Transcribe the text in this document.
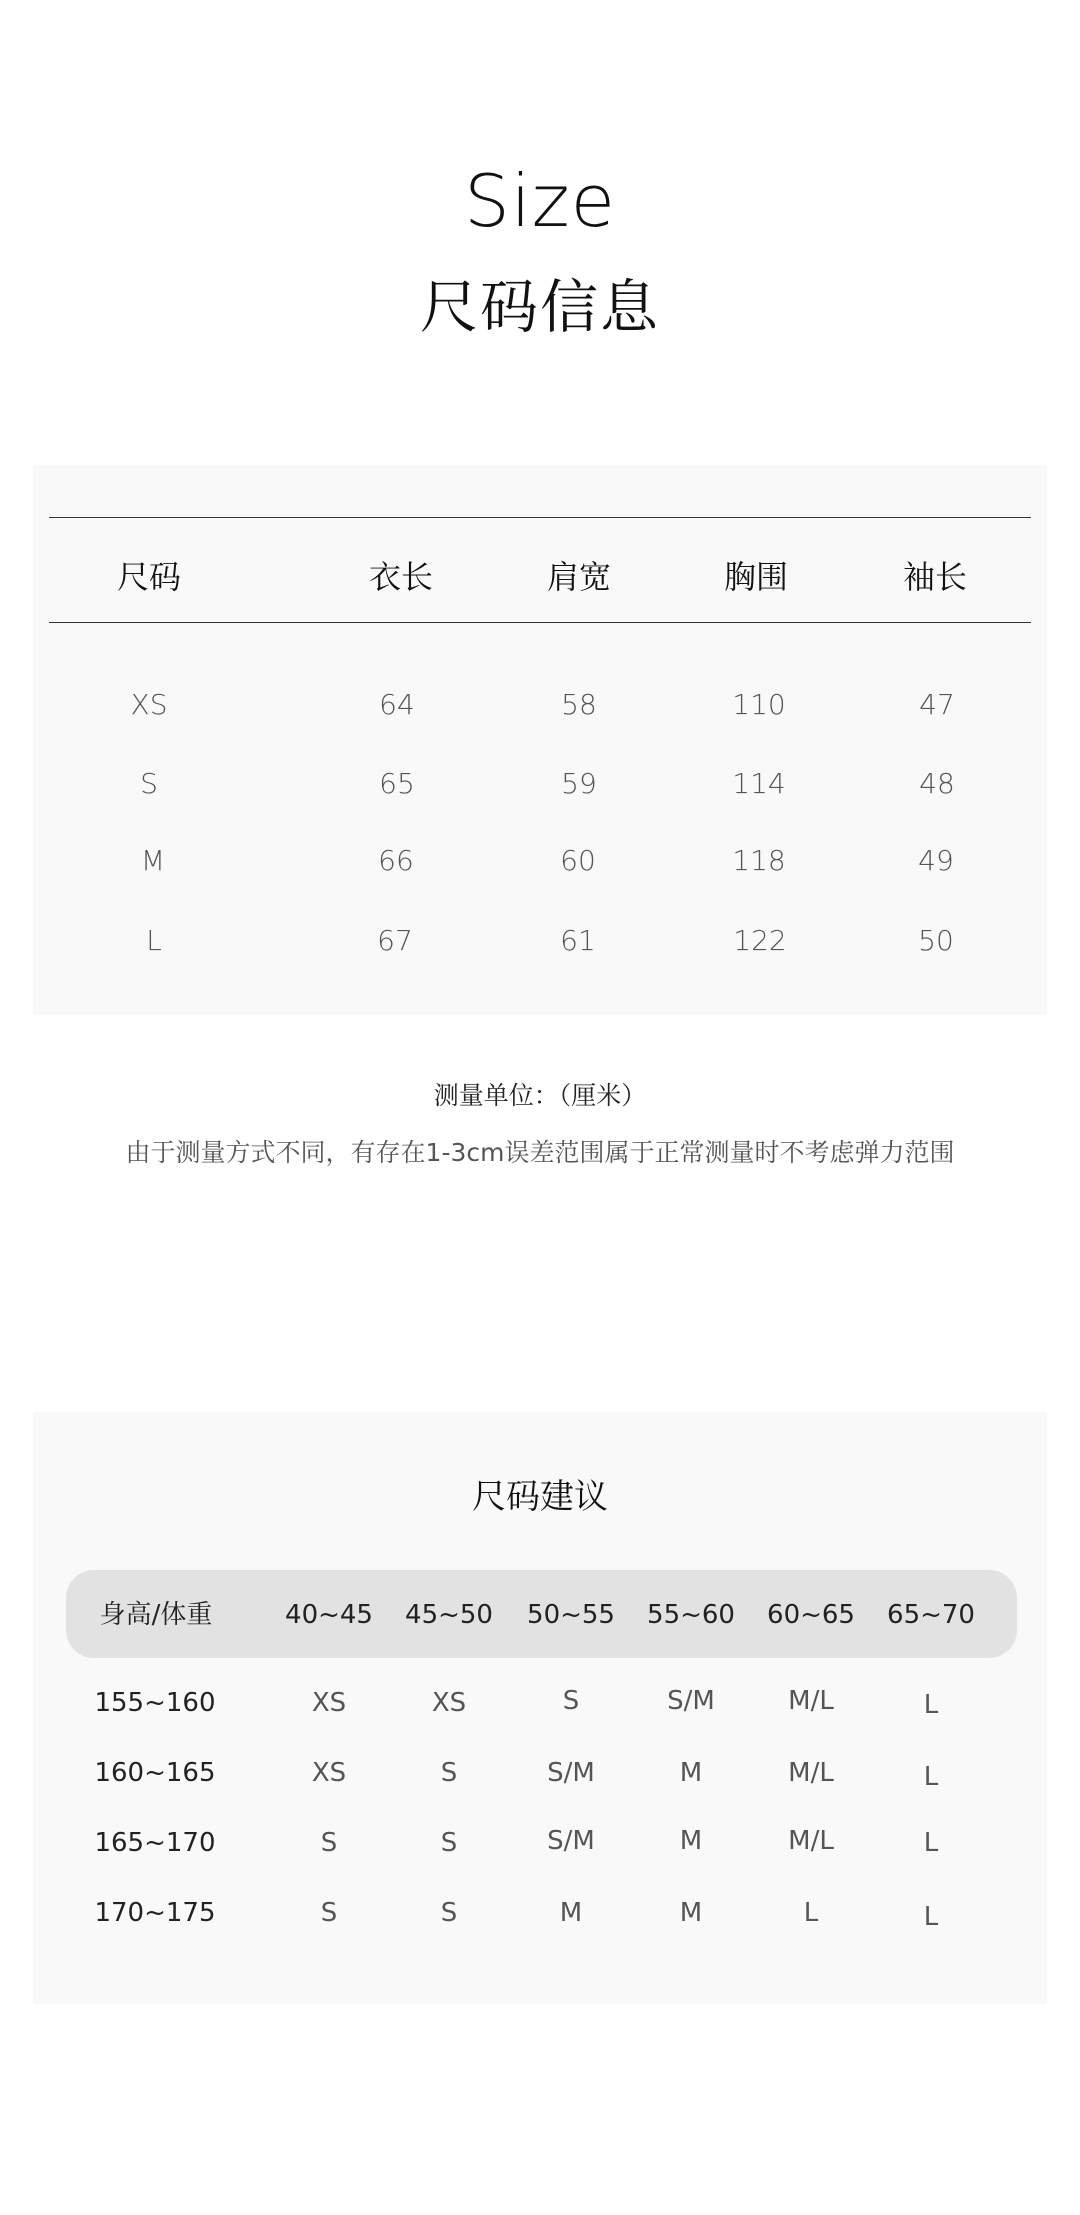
Size
尺码信息
尺码	衣长	肩宽	胸围	袖长
XS	64	58	110	47
S	65	59	114	48
M	66	60	118	49
L	67	61	122	50
测量单位：（厘米）
由于测量方式不同，有存在1-3cm误差范围属于正常测量时不考虑弹力范围
尺码建议
身高/体重	40~45 45~50 50~55 55~60 60~65 65~70
155~160	XS	XS	S	S/M	M/L	L
160~165	XS	S	S/M	M	M/L	L
165~170	S	S	S/M	M	M/L	L
170~175	S	S	M	M	L	L
